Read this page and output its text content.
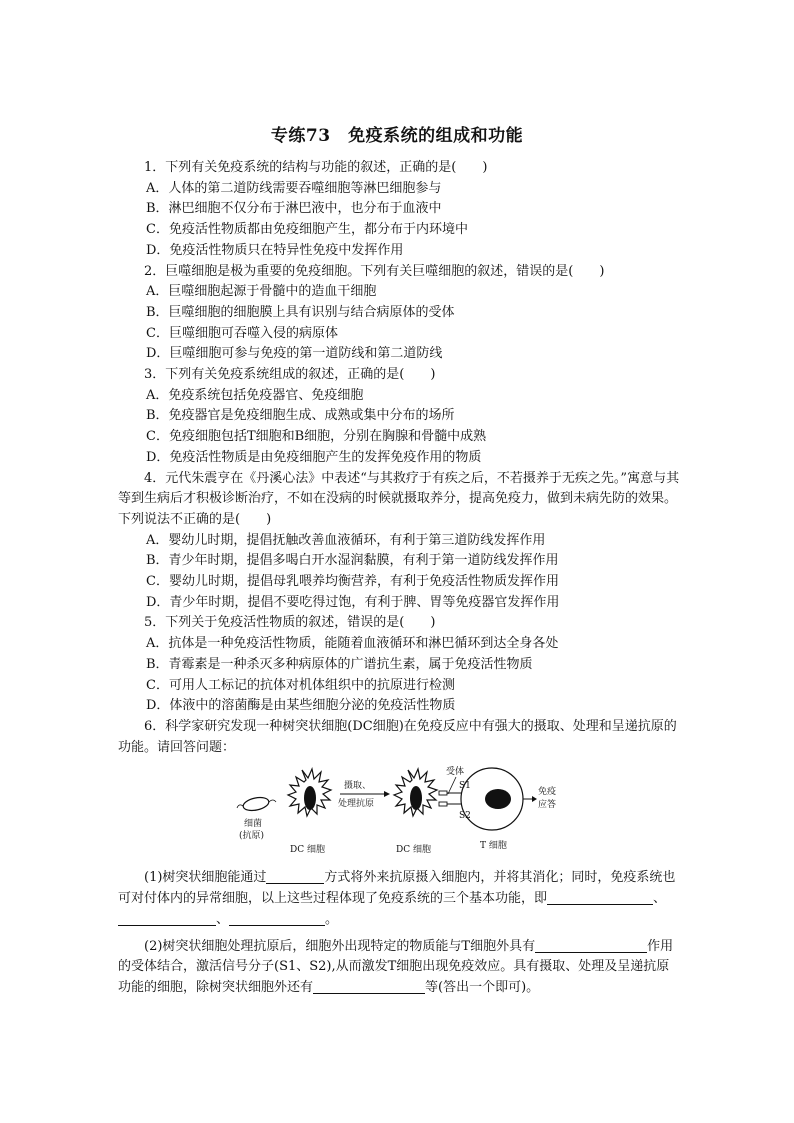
专练73　免疫系统的组成和功能

1．下列有关免疫系统的结构与功能的叙述，正确的是(　　)

A．人体的第二道防线需要吞噬细胞等淋巴细胞参与

B．淋巴细胞不仅分布于淋巴液中，也分布于血液中

C．免疫活性物质都由免疫细胞产生，都分布于内环境中

D．免疫活性物质只在特异性免疫中发挥作用

2．巨噬细胞是极为重要的免疫细胞。下列有关巨噬细胞的叙述，错误的是(　　)

A．巨噬细胞起源于骨髓中的造血干细胞

B．巨噬细胞的细胞膜上具有识别与结合病原体的受体

C．巨噬细胞可吞噬入侵的病原体

D．巨噬细胞可参与免疫的第一道防线和第二道防线

3．下列有关免疫系统组成的叙述，正确的是(　　)

A．免疫系统包括免疫器官、免疫细胞

B．免疫器官是免疫细胞生成、成熟或集中分布的场所

C．免疫细胞包括T细胞和B细胞，分别在胸腺和骨髓中成熟

D．免疫活性物质是由免疫细胞产生的发挥免疫作用的物质

4．元代朱震亨在《丹溪心法》中表述“与其救疗于有疾之后，不若摄养于无疾之先。”寓意与其等到生病后才积极诊断治疗，不如在没病的时候就摄取养分，提高免疫力，做到未病先防的效果。下列说法不正确的是(　　)

A．婴幼儿时期，提倡抚触改善血液循环，有利于第三道防线发挥作用

B．青少年时期，提倡多喝白开水湿润黏膜，有利于第一道防线发挥作用

C．婴幼儿时期，提倡母乳喂养均衡营养，有利于免疫活性物质发挥作用

D．青少年时期，提倡不要吃得过饱，有利于脾、胃等免疫器官发挥作用

5．下列关于免疫活性物质的叙述，错误的是(　　)

A．抗体是一种免疫活性物质，能随着血液循环和淋巴循环到达全身各处

B．青霉素是一种杀灭多种病原体的广谱抗生素，属于免疫活性物质

C．可用人工标记的抗体对机体组织中的抗原进行检测

D．体液中的溶菌酶是由某些细胞分泌的免疫活性物质

6．科学家研究发现一种树突状细胞(DC细胞)在免疫反应中有强大的摄取、处理和呈递抗原的功能。请回答问题：

细菌
(抗原)
DC 细胞
摄取、
处理抗原
DC 细胞
受体
S1
S2
T 细胞
免疫
应答

(1)树突状细胞能通过	方式将外来抗原摄入细胞内，并将其消化；同时，免疫系统也可对付体内的异常细胞，以上这些过程体现了免疫系统的三个基本功能，即	、、	。

(2)树突状细胞处理抗原后，细胞外出现特定的物质能与T细胞外具有	作用的受体结合，激活信号分子(S1、S2),从而激发T细胞出现免疫效应。具有摄取、处理及呈递抗原功能的细胞，除树突状细胞外还有	等(答出一个即可)。
